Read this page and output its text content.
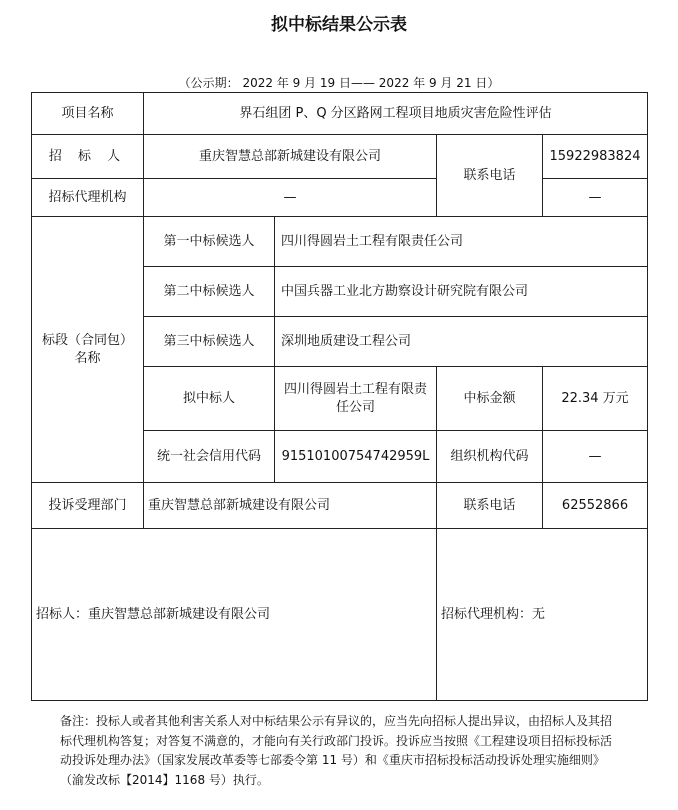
拟中标结果公示表
（公示期： 2022 年 9 月 19 日—— 2022 年 9 月 21 日）
项目名称	界石组团 P、Q 分区路网工程项目地质灾害危险性评估			
招 标 人	重庆智慧总部新城建设有限公司		联系电话	15922983824
招标代理机构	—			—
标段（合同包）名称	第一中标候选人	四川得圆岩土工程有限责任公司		
	第二中标候选人	中国兵器工业北方勘察设计研究院有限公司		
	第三中标候选人	深圳地质建设工程公司		
	拟中标人	四川得圆岩土工程有限责任公司	中标金额	22.34 万元
	统一社会信用代码	91510100754742959L	组织机构代码	—
投诉受理部门	重庆智慧总部新城建设有限公司		联系电话	62552866
招标人：重庆智慧总部新城建设有限公司			招标代理机构：无	
备注：投标人或者其他利害关系人对中标结果公示有异议的，应当先向招标人提出异议，由招标人及其招标代理机构答复；对答复不满意的，才能向有关行政部门投诉。投诉应当按照《工程建设项目招标投标活动投诉处理办法》（国家发展改革委等七部委令第 11 号）和《重庆市招标投标活动投诉处理实施细则》（渝发改标【2014】1168 号）执行。
